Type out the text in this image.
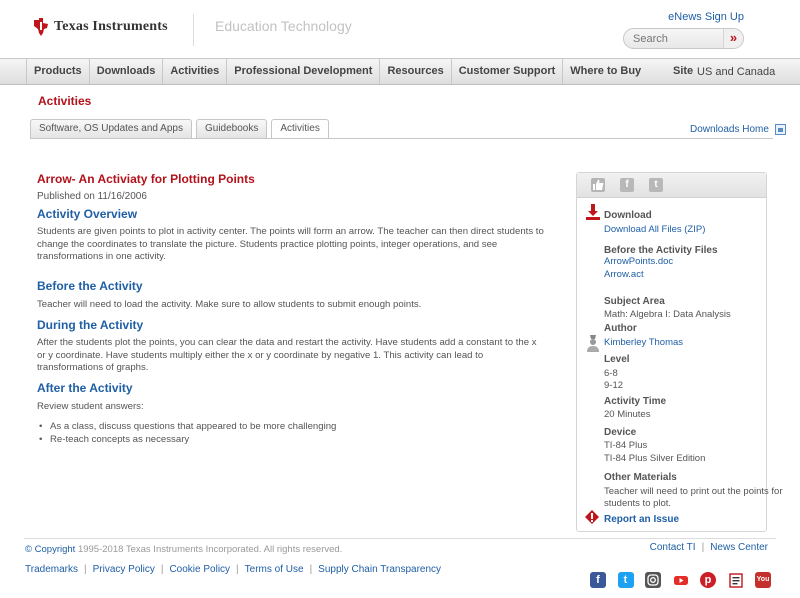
Texas Instruments	Education Technology
eNews Sign Up
Search
»
Products	Downloads	Activities	Professional Development	Resources	Customer Support	Where to Buy	Site US and Canada
Activities
Software, OS Updates and Apps	Guidebooks	Activities	Downloads Home
Arrow- An Activiaty for Plotting Points
Published on 11/16/2006
Activity Overview
Students are given points to plot in activity center. The points will form an arrow. The teacher can then direct students to change the coordinates to translate the picture. Students practice plotting points, integer operations, and see transformations in one activity.
Before the Activity
Teacher will need to load the activity. Make sure to allow students to submit enough points.
During the Activity
After the students plot the points, you can clear the data and restart the activity. Have students add a constant to the x or y coordinate. Have students multiply either the x or y coordinate by negative 1. This activity can lead to transformations of graphs.
After the Activity
Review student answers:
• As a class, discuss questions that appeared to be more challenging
• Re-teach concepts as necessary
f	t
Download
Download All Files (ZIP)
Before the Activity Files
ArrowPoints.doc
Arrow.act
Subject Area
Math: Algebra I: Data Analysis
Author
Kimberley Thomas
Level
6-8
9-12
Activity Time
20 Minutes
Device
TI-84 Plus
TI-84 Plus Silver Edition
Other Materials
Teacher will need to print out the points for
students to plot.
Report an Issue
© Copyright 1995-2018 Texas Instruments Incorporated. All rights reserved.	Contact TI | News Center
Trademarks | Privacy Policy | Cookie Policy | Terms of Use | Supply Chain Transparency
f	t	p	You
